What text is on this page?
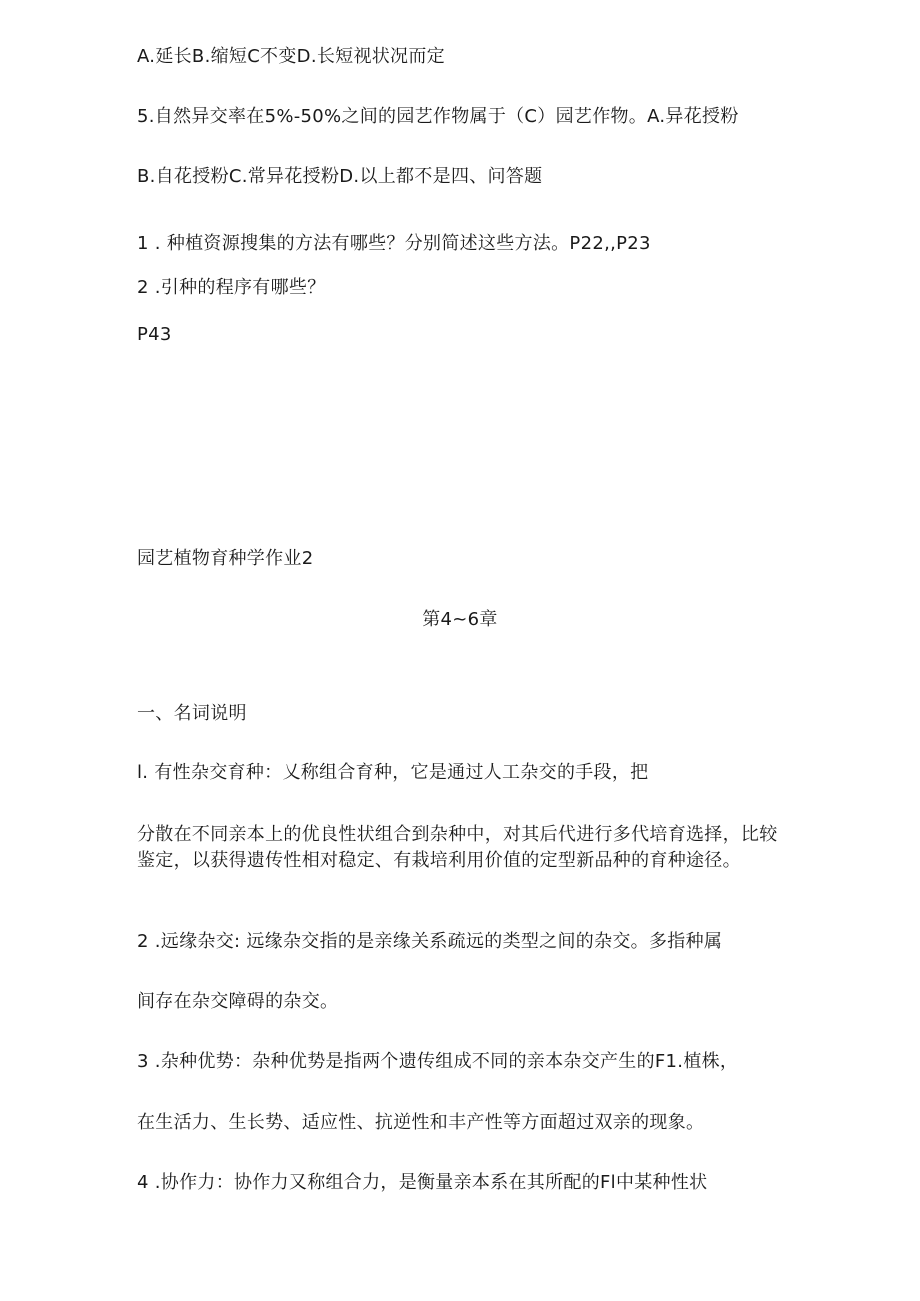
A.延长B.缩短C不变D.长短视状况而定
5.自然异交率在5%-50%之间的园艺作物属于（C）园艺作物。A.异花授粉
B.自花授粉C.常异花授粉D.以上都不是四、问答题
1 . 种植资源搜集的方法有哪些？分别简述这些方法。P22,,P23
2 .引种的程序有哪些？
P43
园艺植物育种学作业2
第4~6章
一、名词说明
l. 有性杂交育种：乂称组合育种，它是通过人工杂交的手段，把
分散在不同亲本上的优良性状组合到杂种中，对其后代进行多代培育选择，比较鉴定，以获得遗传性相对稳定、有栽培利用价值的定型新品种的育种途径。
2 .远缘杂交: 远缘杂交指的是亲缘关系疏远的类型之间的杂交。多指种属
间存在杂交障碍的杂交。
3 .杂种优势：杂种优势是指两个遗传组成不同的亲本杂交产生的F1.植株，
在生活力、生长势、适应性、抗逆性和丰产性等方面超过双亲的现象。
4 .协作力：协作力又称组合力，是衡量亲本系在其所配的Fl中某种性状
